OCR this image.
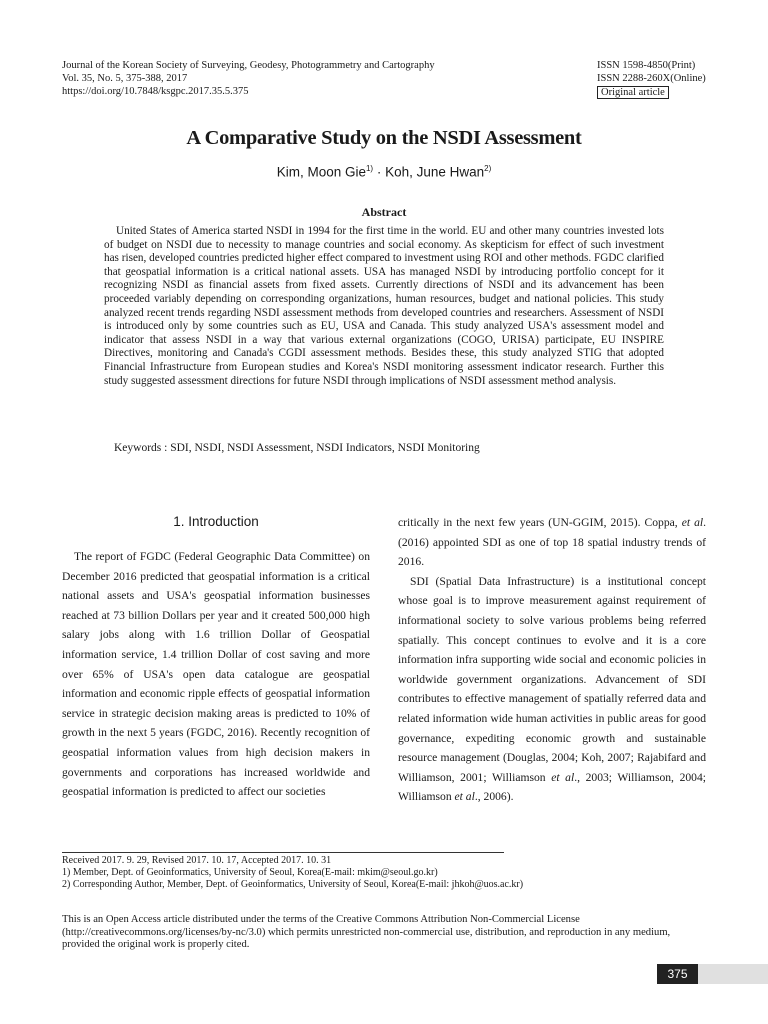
Journal of the Korean Society of Surveying, Geodesy, Photogrammetry and Cartography
Vol. 35, No. 5, 375-388, 2017
https://doi.org/10.7848/ksgpc.2017.35.5.375
ISSN 1598-4850(Print)
ISSN 2288-260X(Online)
Original article
A Comparative Study on the NSDI Assessment
Kim, Moon Gie$^{1)}$ · Koh, June Hwan$^{2)}$
Abstract

United States of America started NSDI in 1994 for the first time in the world. EU and other many countries invested lots of budget on NSDI due to necessity to manage countries and social economy. As skepticism for effect of such investment has risen, developed countries predicted higher effect compared to investment using ROI and other methods. FGDC clarified that geospatial information is a critical national assets. USA has managed NSDI by introducing portfolio concept for it recognizing NSDI as financial assets from fixed assets. Currently directions of NSDI and its advancement has been proceeded variably depending on corresponding organizations, human resources, budget and national policies. This study analyzed recent trends regarding NSDI assessment methods from developed countries and researchers. Assessment of NSDI is introduced only by some countries such as EU, USA and Canada. This study analyzed USA's assessment model and indicator that assess NSDI in a way that various external organizations (COGO, URISA) participate, EU INSPIRE Directives, monitoring and Canada's CGDI assessment methods. Besides these, this study analyzed STIG that adopted Financial Infrastructure from European studies and Korea's NSDI monitoring assessment indicator research. Further this study suggested assessment directions for future NSDI through implications of NSDI assessment method analysis.

Keywords : SDI, NSDI, NSDI Assessment, NSDI Indicators, NSDI Monitoring

1. Introduction

The report of FGDC (Federal Geographic Data Committee) on December 2016 predicted that geospatial information is a critical national assets and USA's geospatial information businesses reached at 73 billion Dollars per year and it created 500,000 high salary jobs along with 1.6 trillion Dollar of Geospatial information service, 1.4 trillion Dollar of cost saving and more over 65% of USA's open data catalogue are geospatial information and economic ripple effects of geospatial information service in strategic decision making areas is predicted to 10% of growth in the next 5 years (FGDC, 2016). Recently recognition of geospatial information values from high decision makers in governments and corporations has increased worldwide and geospatial information is predicted to affect our societies

critically in the next few years (UN-GGIM, 2015). Coppa, et al. (2016) appointed SDI as one of top 18 spatial industry trends of 2016.

SDI (Spatial Data Infrastructure) is a institutional concept whose goal is to improve measurement against requirement of informational society to solve various problems being referred spatially. This concept continues to evolve and it is a core information infra supporting wide social and economic policies in worldwide government organizations. Advancement of SDI contributes to effective management of spatially referred data and related information wide human activities in public areas for good governance, expediting economic growth and sustainable resource management (Douglas, 2004; Koh, 2007; Rajabifard and Williamson, 2001; Williamson et al., 2003; Williamson, 2004; Williamson et al., 2006).

Received 2017. 9. 29, Revised 2017. 10. 17, Accepted 2017. 10. 31
1) Member, Dept. of Geoinformatics, University of Seoul, Korea(E-mail: mkim@seoul.go.kr)
2) Corresponding Author, Member, Dept. of Geoinformatics, University of Seoul, Korea(E-mail: jhkoh@uos.ac.kr)

This is an Open Access article distributed under the terms of the Creative Commons Attribution Non-Commercial License (http://creativecommons.org/licenses/by-nc/3.0) which permits unrestricted non-commercial use, distribution, and reproduction in any medium, provided the original work is properly cited.

375
